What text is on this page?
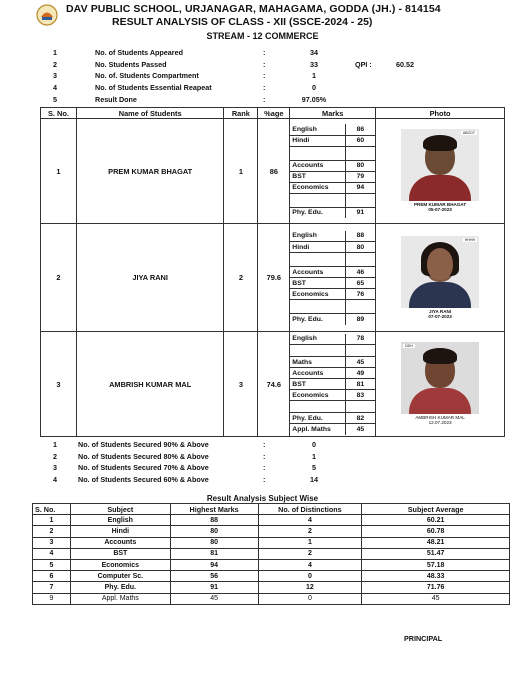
DAV PUBLIC SCHOOL, URJANAGAR, MAHAGAMA, GODDA (JH.) - 814154
RESULT ANALYSIS OF CLASS - XII (SSCE-2024 - 25)
STREAM - 12 COMMERCE
1	No. of Students Appeared	:	34
2	No. Students Passed	:	33
3	No. of. Students Compartment	:	1
4	No. of Students Essential Reapeat	:	0
5	Result Done	:	97.05%
QPI :	60.52
S. No.	Name of Students	Rank	%age	Marks	Photo
1	PREM KUMAR BHAGAT	1	86	
English	86
Hindi	60

Accounts	80
BST	79
Economics	94

Phy. Edu.	91

ABCDT
PREM KUMAR BHAGAT
05-07-2023

2	JIYA RANI	2	79.6	
English	88
Hindi	80

Accounts	46
BST	65
Economics	76

Phy. Edu.	89

HHHH
JIYA RANI
07-07-2023

3	AMBRISH KUMAR MAL	3	74.6	
English	78

Maths	45
Accounts	49
BST	81
Economics	83

Phy. Edu.	82
Appl. Maths	45

DDH
AMBRISH KUMAR MAL
12.07.2023
1	No. of Students Secured 90% & Above	:	0
2	No. of Students Secured 80% & Above	:	1
3	No. of Students Secured 70% & Above	:	5
4	No. of Students Secured 60% & Above	:	14
Result Analysis Subject Wise
S. No.	Subject	Highest Marks	No. of Distinctions	Subject Average
1	English	88	4	60.21
2	Hindi	80	2	60.78
3	Accounts	80	1	48.21
4	BST	81	2	51.47
5	Economics	94	4	57.18
6	Computer Sc.	56	0	48.33
7	Phy. Edu.	91	12	71.76
9	Appl. Maths	45	0	45
PRINCIPAL
